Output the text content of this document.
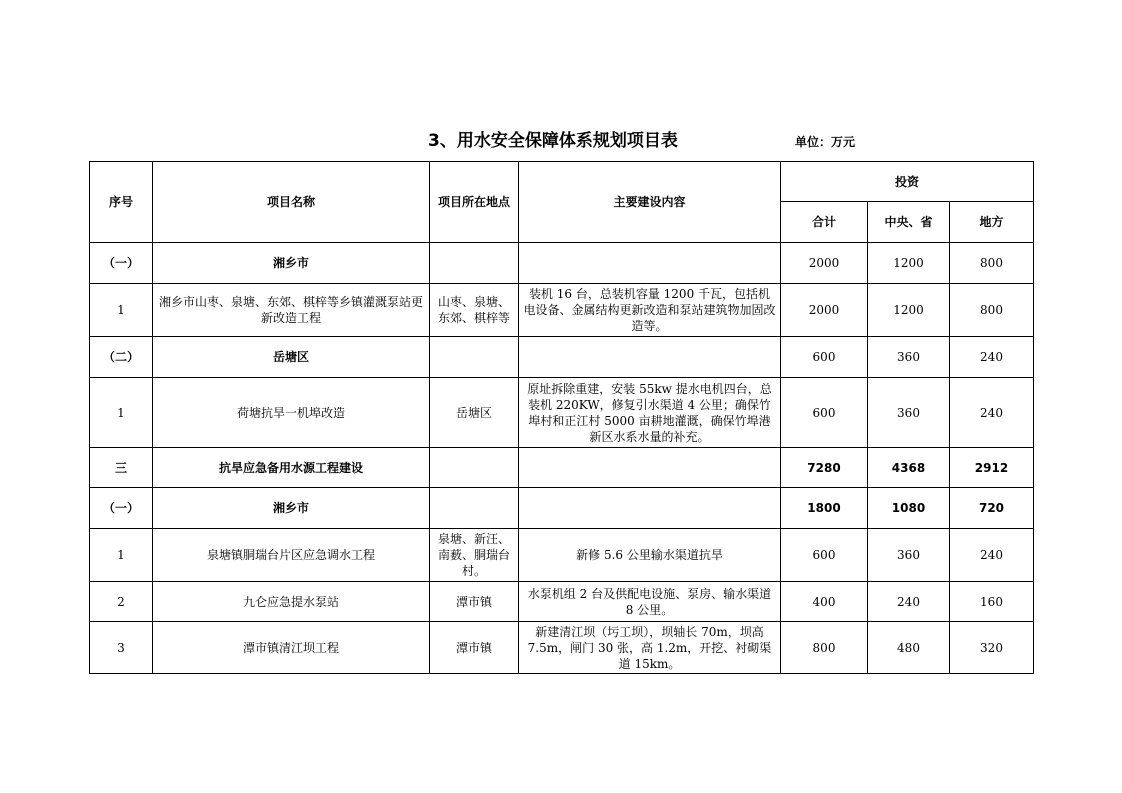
3、用水安全保障体系规划项目表	单位：万元
序号	项目名称	项目所在地点	主要建设内容	投资		
				合计	中央、省	地方
（一）	湘乡市			2000	1200	800
1	湘乡市山枣、泉塘、东郊、棋梓等乡镇灌溉泵站更新改造工程	山枣、泉塘、东郊、棋梓等	装机 16 台，总装机容量 1200 千瓦，包括机电设备、金属结构更新改造和泵站建筑物加固改造等。	2000	1200	800
（二）	岳塘区			600	360	240
1	荷塘抗旱一机埠改造	岳塘区	原址拆除重建，安装 55kw 提水电机四台，总装机 220KW，修复引水渠道 4 公里；确保竹埠村和正江村 5000 亩耕地灌溉，确保竹埠港新区水系水量的补充。	600	360	240
三	抗旱应急备用水源工程建设			7280	4368	2912
（一）	湘乡市			1800	1080	720
1	泉塘镇胴瑞台片区应急调水工程	泉塘、新汪、南薮、胴瑞台村。	新修 5.6 公里输水渠道抗旱	600	360	240
2	九仑应急提水泵站	潭市镇	水泵机组 2 台及供配电设施、泵房、输水渠道 8 公里。	400	240	160
3	潭市镇清江坝工程	潭市镇	新建清江坝（圬工坝），坝轴长 70m，坝高 7.5m，闸门 30 张，高 1.2m，开挖、衬砌渠道 15km。	800	480	320
